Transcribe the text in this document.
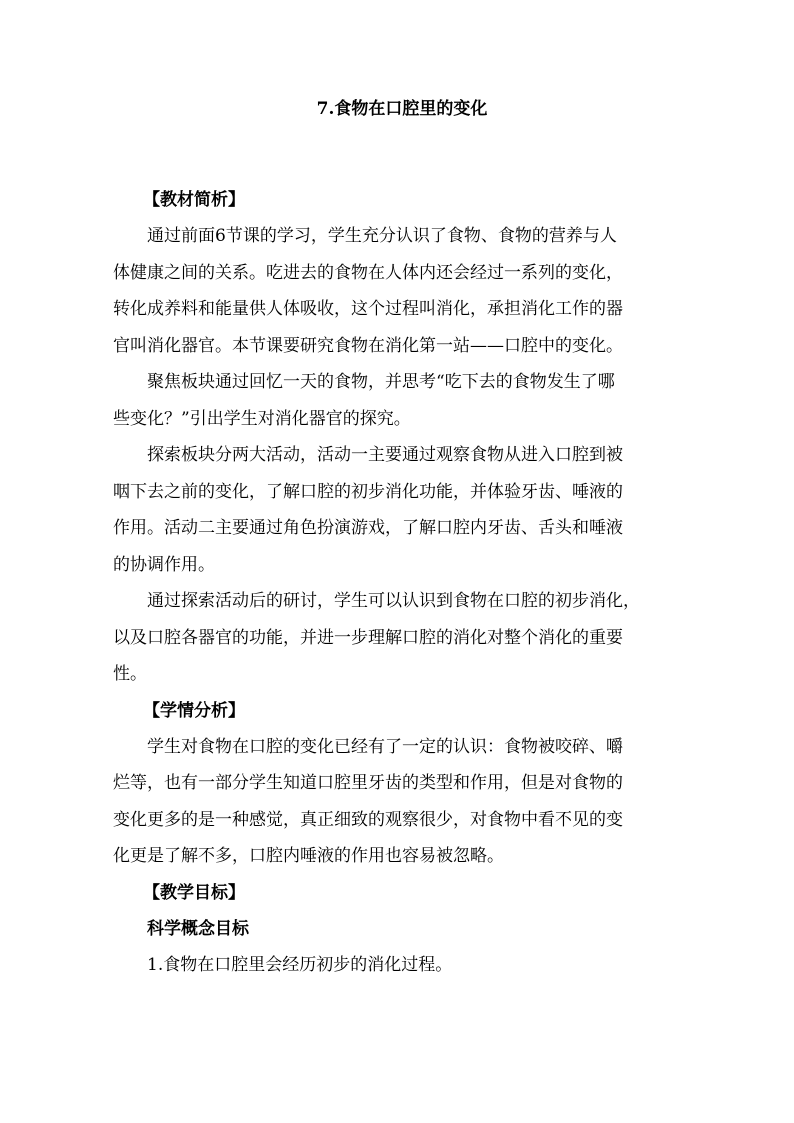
7.食物在口腔里的变化
【教材简析】

通过前面6节课的学习，学生充分认识了食物、食物的营养与人
体健康之间的关系。吃进去的食物在人体内还会经过一系列的变化，
转化成养料和能量供人体吸收，这个过程叫消化，承担消化工作的器
官叫消化器官。本节课要研究食物在消化第一站——口腔中的变化。

聚焦板块通过回忆一天的食物，并思考“吃下去的食物发生了哪
些变化？”引出学生对消化器官的探究。

探索板块分两大活动，活动一主要通过观察食物从进入口腔到被
咽下去之前的变化，了解口腔的初步消化功能，并体验牙齿、唾液的
作用。活动二主要通过角色扮演游戏，了解口腔内牙齿、舌头和唾液
的协调作用。

通过探索活动后的研讨，学生可以认识到食物在口腔的初步消化，
以及口腔各器官的功能，并进一步理解口腔的消化对整个消化的重要
性。

【学情分析】

学生对食物在口腔的变化已经有了一定的认识：食物被咬碎、嚼
烂等，也有一部分学生知道口腔里牙齿的类型和作用，但是对食物的
变化更多的是一种感觉，真正细致的观察很少，对食物中看不见的变
化更是了解不多，口腔内唾液的作用也容易被忽略。

【教学目标】
科学概念目标

1.食物在口腔里会经历初步的消化过程。
